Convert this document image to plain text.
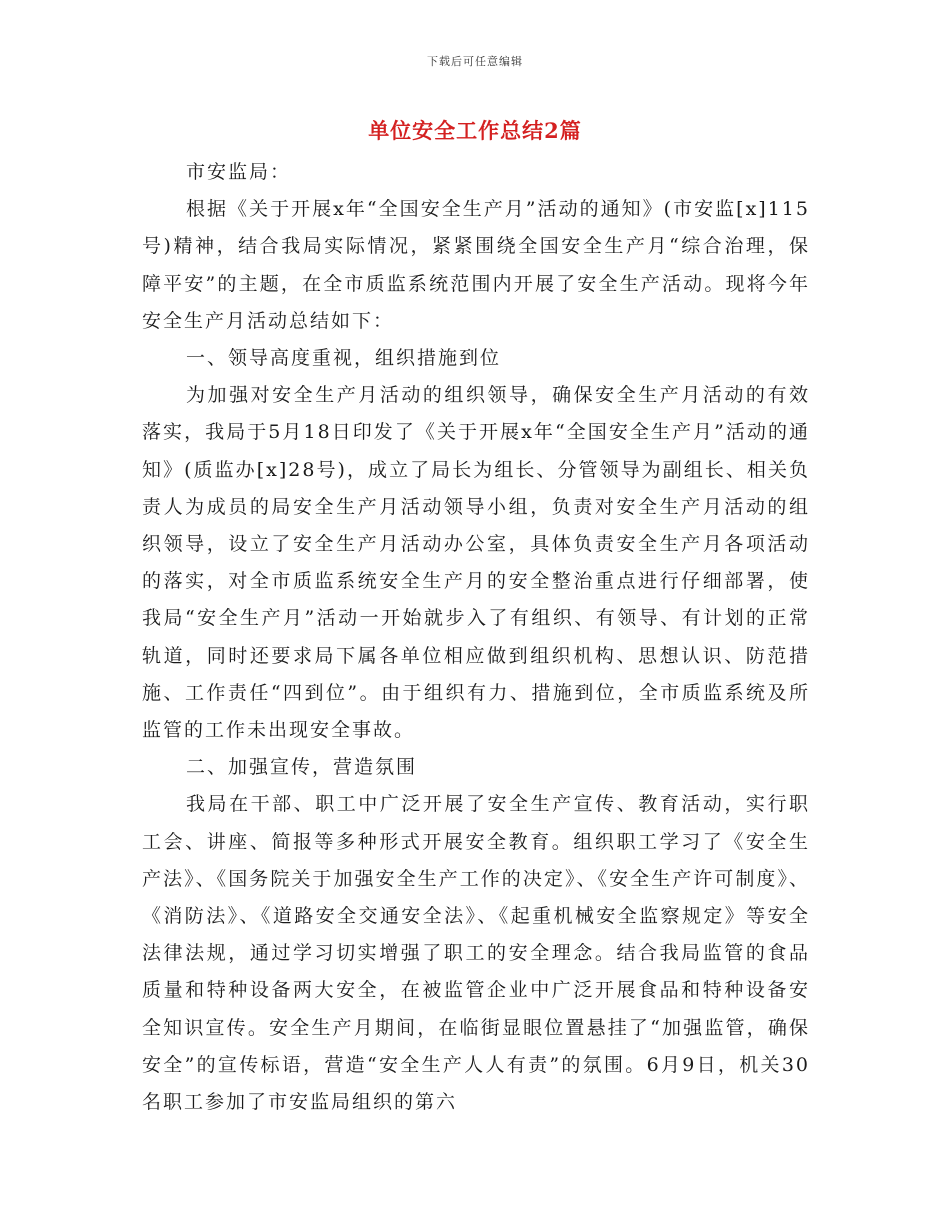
下载后可任意编辑
单位安全工作总结2篇

市安监局：

根据《关于开展x年“全国安全生产月”活动的通知》(市安监[x]115号)精神，结合我局实际情况，紧紧围绕全国安全生产月“综合治理，保障平安”的主题，在全市质监系统范围内开展了安全生产活动。现将今年安全生产月活动总结如下：

一、领导高度重视，组织措施到位

为加强对安全生产月活动的组织领导，确保安全生产月活动的有效落实，我局于5月18日印发了《关于开展x年“全国安全生产月”活动的通知》(质监办[x]28号)，成立了局长为组长、分管领导为副组长、相关负责人为成员的局安全生产月活动领导小组，负责对安全生产月活动的组织领导，设立了安全生产月活动办公室，具体负责安全生产月各项活动的落实，对全市质监系统安全生产月的安全整治重点进行仔细部署，使我局“安全生产月”活动一开始就步入了有组织、有领导、有计划的正常轨道，同时还要求局下属各单位相应做到组织机构、思想认识、防范措施、工作责任“四到位”。由于组织有力、措施到位，全市质监系统及所监管的工作未出现安全事故。

二、加强宣传，营造氛围

我局在干部、职工中广泛开展了安全生产宣传、教育活动，实行职工会、讲座、简报等多种形式开展安全教育。组织职工学习了《安全生产法》、《国务院关于加强安全生产工作的决定》、《安全生产许可制度》、《消防法》、《道路安全交通安全法》、《起重机械安全监察规定》等安全法律法规，通过学习切实增强了职工的安全理念。结合我局监管的食品质量和特种设备两大安全，在被监管企业中广泛开展食品和特种设备安全知识宣传。安全生产月期间，在临街显眼位置悬挂了“加强监管，确保安全”的宣传标语，营造“安全生产人人有责”的氛围。6月9日，机关30名职工参加了市安监局组织的第六
